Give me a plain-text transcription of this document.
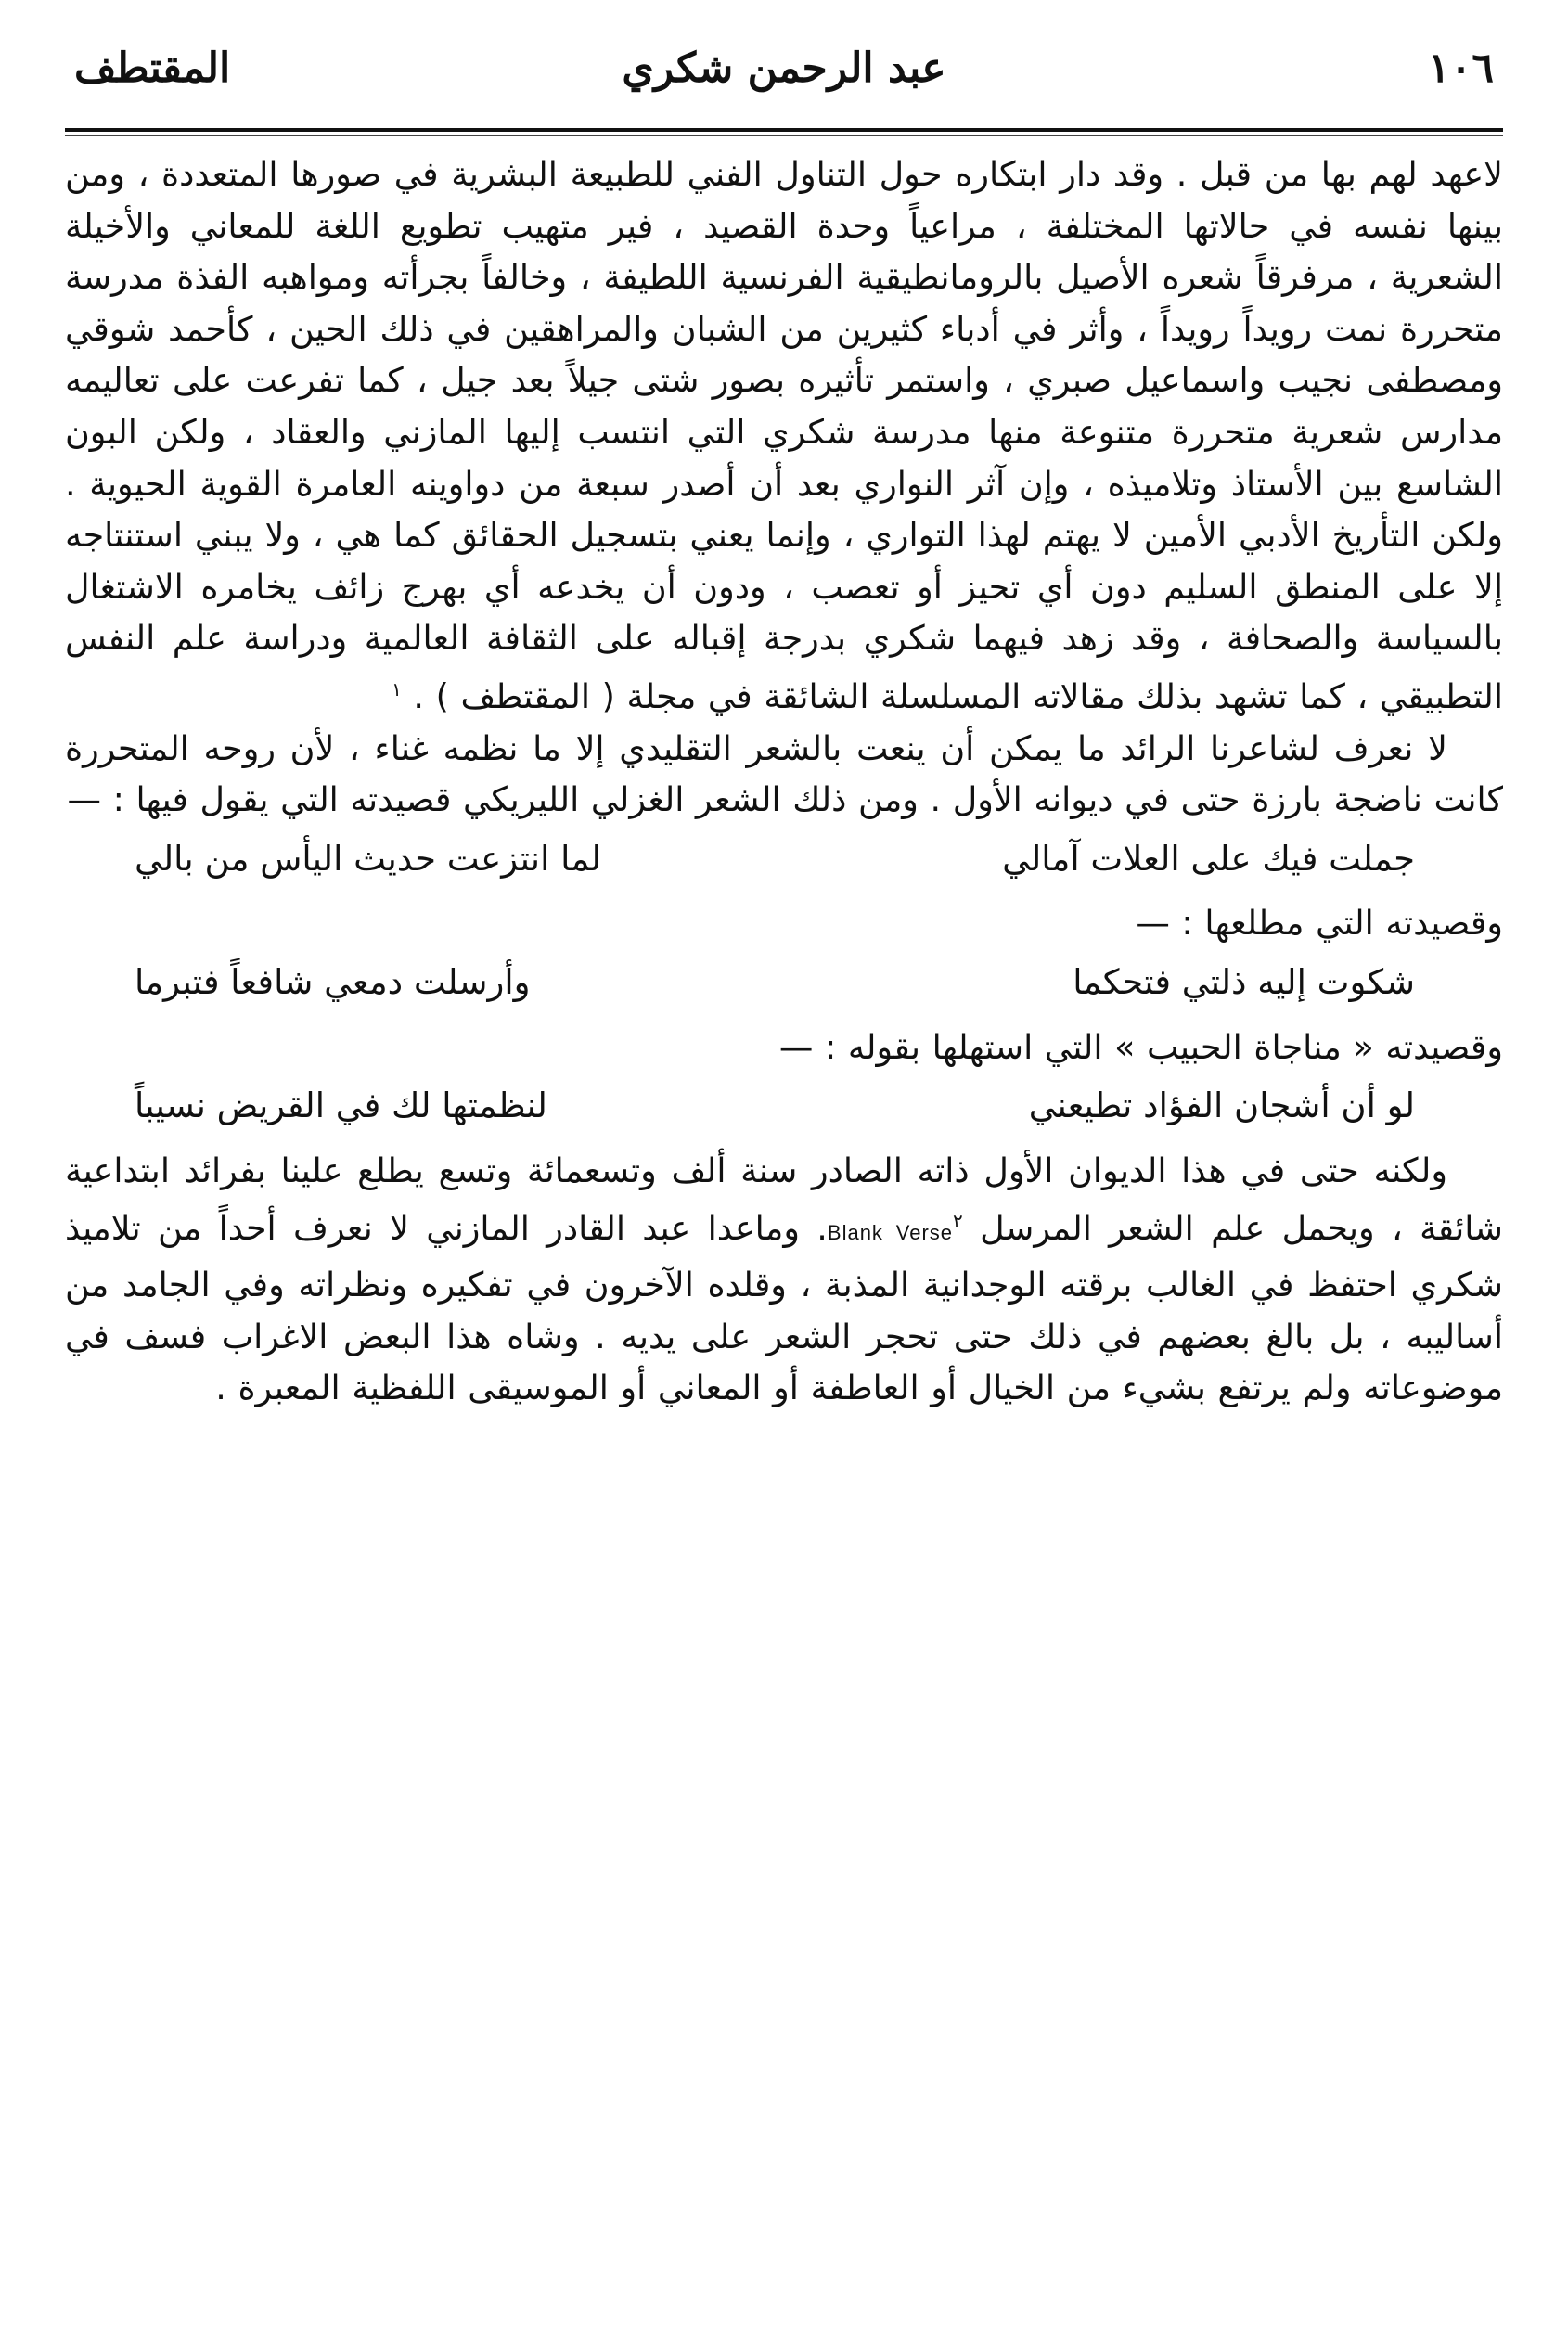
١٠٦
عبد الرحمن شكري
المقتطف

لاعهد لهم بها من قبل . وقد دار ابتكاره حول التناول الفني للطبيعة البشرية في صورها المتعددة ، ومن بينها نفسه في حالاتها المختلفة ، مراعياً وحدة القصيد ، فير متهيب تطويع اللغة للمعاني والأخيلة الشعرية ، مرفرقاً شعره الأصيل بالرومانطيقية الفرنسية اللطيفة ، وخالفاً بجرأته ومواهبه الفذة مدرسة متحررة نمت رويداً رويداً ، وأثر في أدباء كثيرين من الشبان والمراهقين في ذلك الحين ، كأحمد شوقي ومصطفى نجيب واسماعيل صبري ، واستمر تأثيره بصور شتى جيلاً بعد جيل ، كما تفرعت على تعاليمه مدارس شعرية متحررة متنوعة منها مدرسة شكري التي انتسب إليها المازني والعقاد ، ولكن البون الشاسع بين الأستاذ وتلاميذه ، وإن آثر النواري بعد أن أصدر سبعة من دواوينه العامرة القوية الحيوية . ولكن التأريخ الأدبي الأمين لا يهتم لهذا التواري ، وإنما يعني بتسجيل الحقائق كما هي ، ولا يبني استنتاجه إلا على المنطق السليم دون أي تحيز أو تعصب ، ودون أن يخدعه أي بهرج زائف يخامره الاشتغال بالسياسة والصحافة ، وقد زهد فيهما شكري بدرجة إقباله على الثقافة العالمية ودراسة علم النفس التطبيقي ، كما تشهد بذلك مقالاته المسلسلة الشائقة في مجلة ( المقتطف ) . $^١$

لا نعرف لشاعرنا الرائد ما يمكن أن ينعت بالشعر التقليدي إلا ما نظمه غناء ، لأن روحه المتحررة كانت ناضجة بارزة حتى في ديوانه الأول . ومن ذلك الشعر الغزلي الليريكي قصيدته التي يقول فيها : —

جملت فيك على العلات آمالي
لما انتزعت حديث اليأس من بالي

وقصيدته التي مطلعها : —

شكوت إليه ذلتي فتحكما
وأرسلت دمعي شافعاً فتبرما

وقصيدته « مناجاة الحبيب » التي استهلها بقوله : —

لو أن أشجان الفؤاد تطيعني
لنظمتها لك في القريض نسيباً

ولكنه حتى في هذا الديوان الأول ذاته الصادر سنة ألف وتسعمائة وتسع يطلع علينا بفرائد ابتداعية شائقة ، ويحمل علم الشعر المرسل Blank Verse$^٢$. وماعدا عبد القادر المازني لا نعرف أحداً من تلاميذ شكري احتفظ في الغالب برقته الوجدانية المذبة ، وقلده الآخرون في تفكيره ونظراته وفي الجامد من أساليبه ، بل بالغ بعضهم في ذلك حتى تحجر الشعر على يديه . وشاه هذا البعض الاغراب فسف في موضوعاته ولم يرتفع بشيء من الخيال أو العاطفة أو المعاني أو الموسيقى اللفظية المعبرة .
